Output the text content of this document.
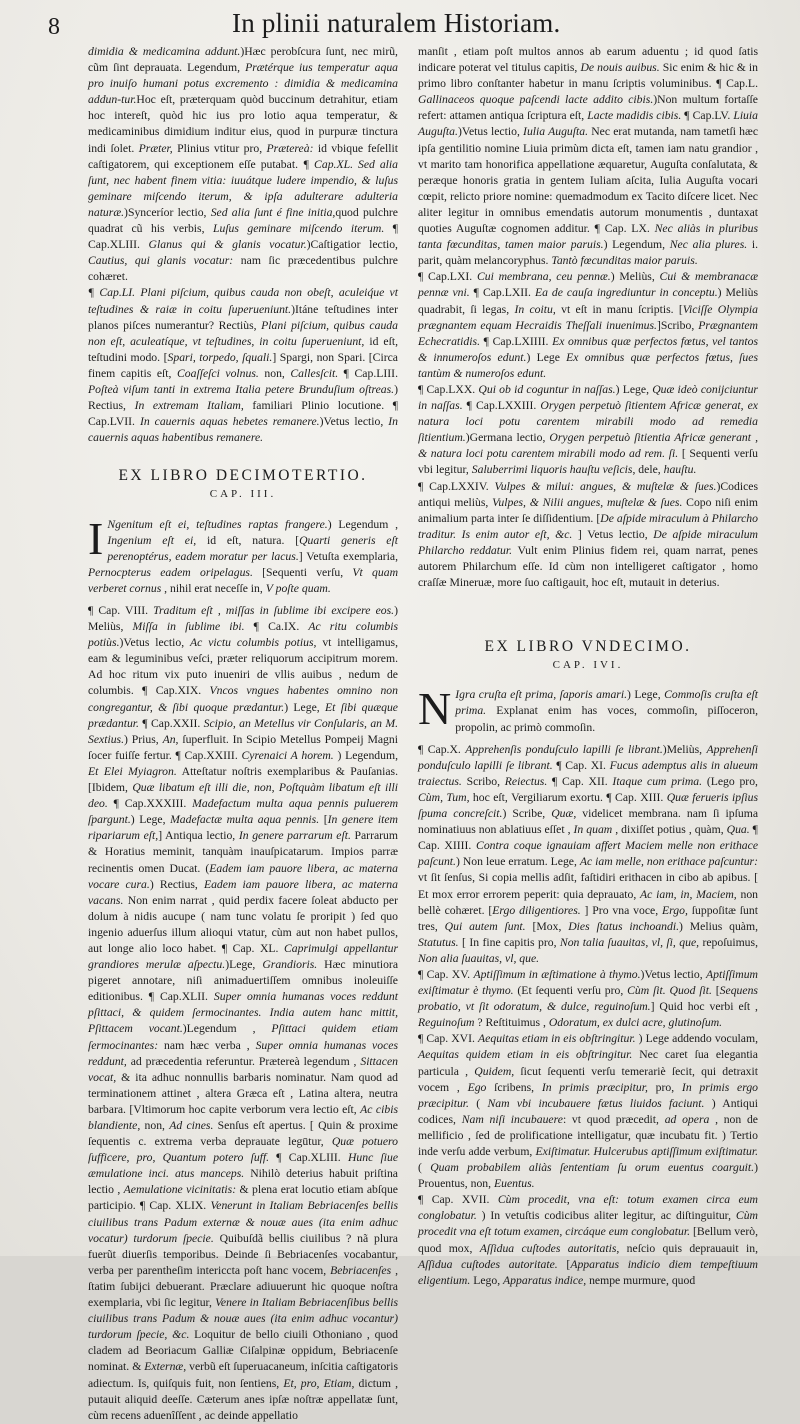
8	In plinii naturalem Historiam.

dimidia & medicamina addunt.)Hæc perobſcura ſunt, nec mirũ, cũm ſint deprauata. Legendum, Prætérque ius temperatur aqua pro inuiſo humani potus excremento : dimidia & medicamina addun-tur.Hoc eſt, præterquam quòd buccinum detrahitur, etiam hoc intereſt, quòd hic ius pro lotio aqua temperatur, & medicaminibus dimidium inditur eius, quod in purpuræ tinctura indi ſolet. Præter, Plinius vtitur pro, Prætereà: id vbique feſellit caſtigatorem, qui exceptionem eſſe putabat. ¶ Cap.XL. Sed alia ſunt, nec habent finem vitia: iuuátque ludere impendio, & luſus geminare miſcendo iterum, & ipſa adulterare adulteria naturæ.)Synceríor lectio, Sed alia ſunt é fine initia,quod pulchre quadrat cũ his verbis, Luſus geminare miſcendo iterum. ¶ Cap.XLIII. Glanus qui & glanis vocatur.)Caſtigatior lectio, Cautius, qui glanis vocatur: nam ſic præcedentibus pulchre cohæret.

¶ Cap.LI. Plani piſcium, quibus cauda non obeſt, aculeiq́ue vt teſtudines & raiæ in coitu ſuperueniunt.)Itáne teſtudines inter planos piſces numerantur? Rectiùs, Plani piſcium, quibus cauda non eſt, aculeatíque, vt teſtudines, in coitu ſuperueniunt, id eſt, teſtudini modo. [Spari, torpedo, ſquali.] Spargi, non Spari. [Circa finem capitis eſt, Coaſſeſci volnus. non, Callesſcit. ¶ Cap.LIII. Poſteà viſum tanti in extrema Italia petere Brunduſium oſtreas.) Rectius, In extremam Italiam, familiari Plinio locutione. ¶ Cap.LVII. In cauernis aquas hebetes remanere.)Vetus lectio, In cauernis aquas habentibus remanere.

EX LIBRO DECIMOTERTIO.
CAP. III.

I Ngenitum eſt ei, teſtudines raptas frangere.) Legendum , Ingenium eſt ei, id eſt, natura. [Quarti generis eſt perenoptérus, eadem moratur per lacus.] Vetuſta exemplaria, Pernocpterus eadem oripelagus. [Sequenti verſu, Vt quam verberet cornus , nihil erat neceſſe in, V poſte quam.

¶ Cap. VIII. Traditum eſt , miſſas in ſublime ibi excipere eos.) Meliùs, Miſſa in ſublime ibi. ¶ Ca.IX. Ac ritu columbis potiùs.)Vetus lectio, Ac victu columbis potius, vt intelligamus, eam & leguminibus veſci, præter reliquorum accipitrum morem. Ad hoc ritum vix puto inueniri de vllis auibus , nedum de columbis. ¶ Cap.XIX. Vncos vngues habentes omnino non congregantur, & ſibi quoque prædantur.) Lege, Et ſibi quæque prædantur. ¶ Cap.XXII. Scipio, an Metellus vir Conſularis, an M. Sextius.) Prius, An, ſuperfluit. In Scipio Metellus Pompeij Magni ſocer fuiſſe fertur. ¶ Cap.XXIII. Cyrenaici A horem. ) Legendum, Et Elei Myiagron. Atteſtatur noſtris exemplaribus & Pauſanias. [Ibidem, Quæ libatum eſt illi die, non, Poſtquàm libatum eſt illi deo. ¶ Cap.XXXIII. Madefactum multa aqua pennis puluerem ſpargunt.) Lege, Madefactæ multa aqua pennis. [In genere item ripariarum eſt,] Antiqua lectio, In genere parrarum eſt. Parrarum & Horatius meminit, tanquàm inauſpicatarum. Impios parræ recinentis omen Ducat. (Eadem iam pauore libera, ac materna vocare cura.) Rectius, Eadem iam pauore libera, ac materna vacans. Non enim narrat , quid perdix facere ſoleat abducto per dolum à nidis aucupe ( nam tunc volatu ſe proripit ) ſed quo ingenio aduerſus illum alioqui vtatur, cùm aut non habet pullos, aut longe alio loco habet. ¶ Cap. XL. Caprimulgi appellantur grandiores merulæ aſpectu.)Lege, Grandioris. Hæc minutiora pigeret annotare, niſi animaduertiſſem omnibus inoleuiſſe editionibus. ¶ Cap.XLII. Super omnia humanas voces reddunt pſittaci, & quidem ſermocinantes. India autem hanc mittit, Pſittacem vocant.)Legendum , Pſittaci quidem etiam ſermocinantes: nam hæc verba , Super omnia humanas voces reddunt, ad præcedentia referuntur. Prætereà legendum , Sittacen vocat, & ita adhuc nonnullis barbaris nominatur. Nam quod ad terminationem attinet , altera Græca eſt , Latina altera, neutra barbara. [Vltimorum hoc capite verborum vera lectio eſt, Ac cibis blandiente, non, Ad cines. Senſus eſt apertus. [ Quin & proxime ſequentis c. extrema verba deprauate legūtur, Quæ potuero ſufficere, pro, Quantum potero ſuff. ¶ Cap.XLIII. Hunc ſiue æmulatione inci. atus manceps. Nihilò deterius habuit priſtina lectio , Aemulatione vicinitatis: & plena erat locutio etiam abſque participio. ¶ Cap. XLIX. Venerunt in Italiam Bebriacenſes bellis ciuilibus trans Padum externæ & nouæ aues (ita enim adhuc vocatur) turdorum ſpecie. Quibuſdã bellis ciuilibus ? nã plura fuerũt diuerſis temporibus. Deinde ſi Bebriacenſes vocabantur, verba per parentheſim intericcta poſt hanc vocem, Bebriacenſes , ſtatim ſubijci debuerant. Præclare adiuuerunt hic quoque noſtra exemplaria, vbi ſic legitur, Venere in Italiam Bebriacenſibus bellis ciuilibus trans Padum & nouæ aues (ita enim adhuc vocantur) turdorum ſpecie, &c. Loquitur de bello ciuili Othoniano , quod cladem ad Beoriacum Galliæ Ciſalpinæ oppidum, Bebriacenſe nominat. & Externæ, verbũ eſt ſuperuacaneum, inſcitia caſtigatoris adiectum. Is, quiſquis fuit, non ſentiens, Et, pro, Etiam, dictum , putauit aliquid deeſſe. Cæterum anes ipſæ noſtræ appellatæ ſunt, cùm recens aduenîſſent , ac deinde appellatio

manſit , etiam poſt multos annos ab earum aduentu ; id quod ſatis indicare poterat vel titulus capitis, De nouis auibus. Sic enim & hic & in primo libro conſtanter habetur in manu ſcriptis voluminibus. ¶ Cap.L. Gallinaceos quoque paſcendi lacte addito cibis.)Non multum fortaſſe refert: attamen antiqua ſcriptura eſt, Lacte madidis cibis. ¶ Cap.LV. Liuia Auguſta.)Vetus lectio, Iulia Auguſta. Nec erat mutanda, nam tametſi hæc ipſa gentilitio nomine Liuia primùm dicta eſt, tamen iam natu grandior , vt marito tam honorifica appellatione æquaretur, Auguſta conſalutata, & peræque honoris gratia in gentem Iuliam aſcita, Iulia Auguſta vocari cœpit, relicto priore nomine: quemadmodum ex Tacito diſcere licet. Nec aliter legitur in omnibus emendatis autorum monumentis , duntaxat quoties Auguſtæ cognomen additur. ¶ Cap. LX. Nec aliàs in pluribus tanta fœcunditas, tamen maior paruis.) Legendum, Nec alia plures. i. parit, quàm melancoryphus. Tantò fœcunditas maior paruis.

¶ Cap.LXI. Cui membrana, ceu pennæ.) Meliùs, Cui & membranacæ pennæ vni. ¶ Cap.LXII. Ea de cauſa ingrediuntur in conceptu.) Meliùs quadrabit, ſi legas, In coitu, vt eſt in manu ſcriptis. [Viciſſe Olympia prægnantem equam Hecraidis Theſſali inuenimus.]Scribo, Prægnantem Echecratidis. ¶ Cap.LXIIII. Ex omnibus quæ perfectos fœtus, vel tantos & innumeroſos edunt.) Lege Ex omnibus quæ perfectos fœtus, ſues tantùm & numeroſos edunt.

¶ Cap.LXX. Qui ob id coguntur in naſſas.) Lege, Quæ ideò conijciuntur in naſſas. ¶ Cap.LXXIII. Orygen perpetuò ſitientem Africæ generat, ex natura loci potu carentem mirabili modo ad remedia ſitientium.)Germana lectio, Orygen perpetuò ſitientia Africæ generant , & natura loci potu carentem mirabili modo ad rem. ſi. [ Sequenti verſu vbi legitur, Saluberrimi liquoris hauſtu veſicis, dele, hauſtu.

¶ Cap.LXXIV. Vulpes & milui: angues, & muſtelæ & ſues.)Codices antiqui meliùs, Vulpes, & Nilii angues, muſtelæ & ſues. Copo niſi enim animalium parta inter ſe diſſidentium. [De aſpide miraculum à Philarcho traditur. Is enim autor eſt, &c. ] Vetus lectio, De aſpide miraculum Philarcho reddatur. Vult enim Plinius fidem rei, quam narrat, penes autorem Philarchum eſſe. Id cùm non intelligeret caſtigator , homo craſſæ Mineruæ, more ſuo caſtigauit, hoc eſt, mutauit in deterius.

EX LIBRO VNDECIMO.
CAP. IVI.

N Igra cruſta eſt prima, ſaporis amari.) Lege, Commoſis cruſta eſt prima. Explanat enim has voces, commoſin, piſſoceron, propolin, ac primò commoſin.

¶ Cap.X. Apprehenſis ponduſculo lapilli ſe librant.)Meliùs, Apprehenſi ponduſculo lapilli ſe librant. ¶ Cap. XI. Fucus ademptus alis in alueum traiectus. Scribo, Reiectus. ¶ Cap. XII. Itaque cum prima. (Lego pro, Cùm, Tum, hoc eſt, Vergiliarum exortu. ¶ Cap. XIII. Quæ ferueris ipſius ſpuma concreſcit.) Scribe, Quæ, videlicet membrana. nam ſi ipſuma nominatiuus non ablatiuus eſſet , In quam , dixiſſet potius , quàm, Qua. ¶ Cap. XIIII. Contra coque ignauiam affert Maciem melle non erithace paſcunt.) Non leue erratum. Lege, Ac iam melle, non erithace paſcuntur: vt ſit ſenſus, Si copia mellis adſit, faſtidiri erithacen in cibo ab apibus. [ Et mox error errorem peperit: quia deprauato, Ac iam, in, Maciem, non bellè cohæret. [Ergo diligentiores. ] Pro vna voce, Ergo, ſuppoſitæ ſunt tres, Qui autem ſunt. [Mox, Dies ſtatus inchoandi.) Melius quàm, Statutus. [ In fine capitis pro, Non talia ſuauitas, vl, ſi, que, repoſuimus, Non alia ſuauitas, vl, que.

¶ Cap. XV. Aptiſſimum in æſtimatione à thymo.)Vetus lectio, Aptiſſimum exiſtimatur è thymo. (Et ſequenti verſu pro, Cùm ſit. Quod ſit. [Sequens probatio, vt ſit odoratum, & dulce, reguinoſum.] Quid hoc verbi eſt , Reguinoſum ? Reſtituimus , Odoratum, ex dulci acre, glutinoſum.

¶ Cap. XVI. Aequitas etiam in eis obſtringitur. ) Lege addendo voculam, Aequitas quidem etiam in eis obſtringitur. Nec caret ſua elegantia particula , Quidem, ſicut ſequenti verſu temerariè ſecit, qui detraxit vocem , Ego ſcribens, In primis præcipitur, pro, In primis ergo præcipitur. ( Nam vbi incubauere fætus liuidos faciunt. ) Antiqui codices, Nam niſi incubauere: vt quod præcedit, ad opera , non de mellificio , ſed de prolificatione intelligatur, quæ incubatu fit. ) Tertio inde verſu adde verbum, Exiſtimatur. Hulcerubus aptiſſimum exiſtimatur. ( Quam probabilem aliàs ſententiam ſu orum euentus coarguit.) Prouentus, non, Euentus.

¶ Cap. XVII. Cùm procedit, vna eſt: totum examen circa eum conglobatur. ) In vetuſtis codicibus aliter legitur, ac diſtinguitur, Cùm procedit vna eſt totum examen, circáque eum conglobatur. [Bellum verò, quod mox, Aſſidua cuſtodes autoritatis, neſcio quis deprauauit in, Aſſidua cuſtodes autoritate. [Apparatus indicio diem tempeſtiuum eligentium. Lego, Apparatus indice, nempe murmure, quod
